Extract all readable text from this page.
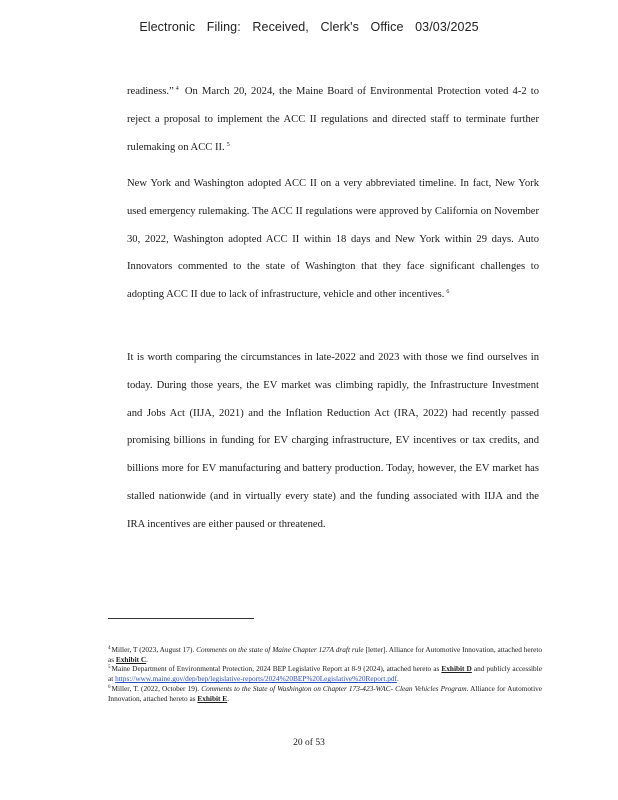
Electronic Filing: Received, Clerk's Office 03/03/2025

readiness.” $^4$ On March 20, 2024, the Maine Board of Environmental Protection voted 4-2 to reject a proposal to implement the ACC II regulations and directed staff to terminate further rulemaking on ACC II. $^5$

New York and Washington adopted ACC II on a very abbreviated timeline. In fact, New York used emergency rulemaking. The ACC II regulations were approved by California on November 30, 2022, Washington adopted ACC II within 18 days and New York within 29 days. Auto Innovators commented to the state of Washington that they face significant challenges to adopting ACC II due to lack of infrastructure, vehicle and other incentives. $^6$

It is worth comparing the circumstances in late-2022 and 2023 with those we find ourselves in today. During those years, the EV market was climbing rapidly, the Infrastructure Investment and Jobs Act (IIJA, 2021) and the Inflation Reduction Act (IRA, 2022) had recently passed promising billions in funding for EV charging infrastructure, EV incentives or tax credits, and billions more for EV manufacturing and battery production. Today, however, the EV market has stalled nationwide (and in virtually every state) and the funding associated with IIJA and the IRA incentives are either paused or threatened.

$^4$Miller, T (2023, August 17). Comments on the state of Maine Chapter 127A draft rule [letter]. Alliance for Automotive Innovation, attached hereto as Exhibit C.

$^5$Maine Department of Environmental Protection, 2024 BEP Legislative Report at 8-9 (2024), attached hereto as Exhibit D and publicly accessible at https://www.maine.gov/dep/bep/legislative-reports/2024%20BEP%20Legislative%20Report.pdf.

$^6$Miller, T. (2022, October 19). Comments to the State of Washington on Chapter 173-423-WAC- Clean Vehicles Program. Alliance for Automotive Innovation, attached hereto as Exhibit E.

20 of 53
